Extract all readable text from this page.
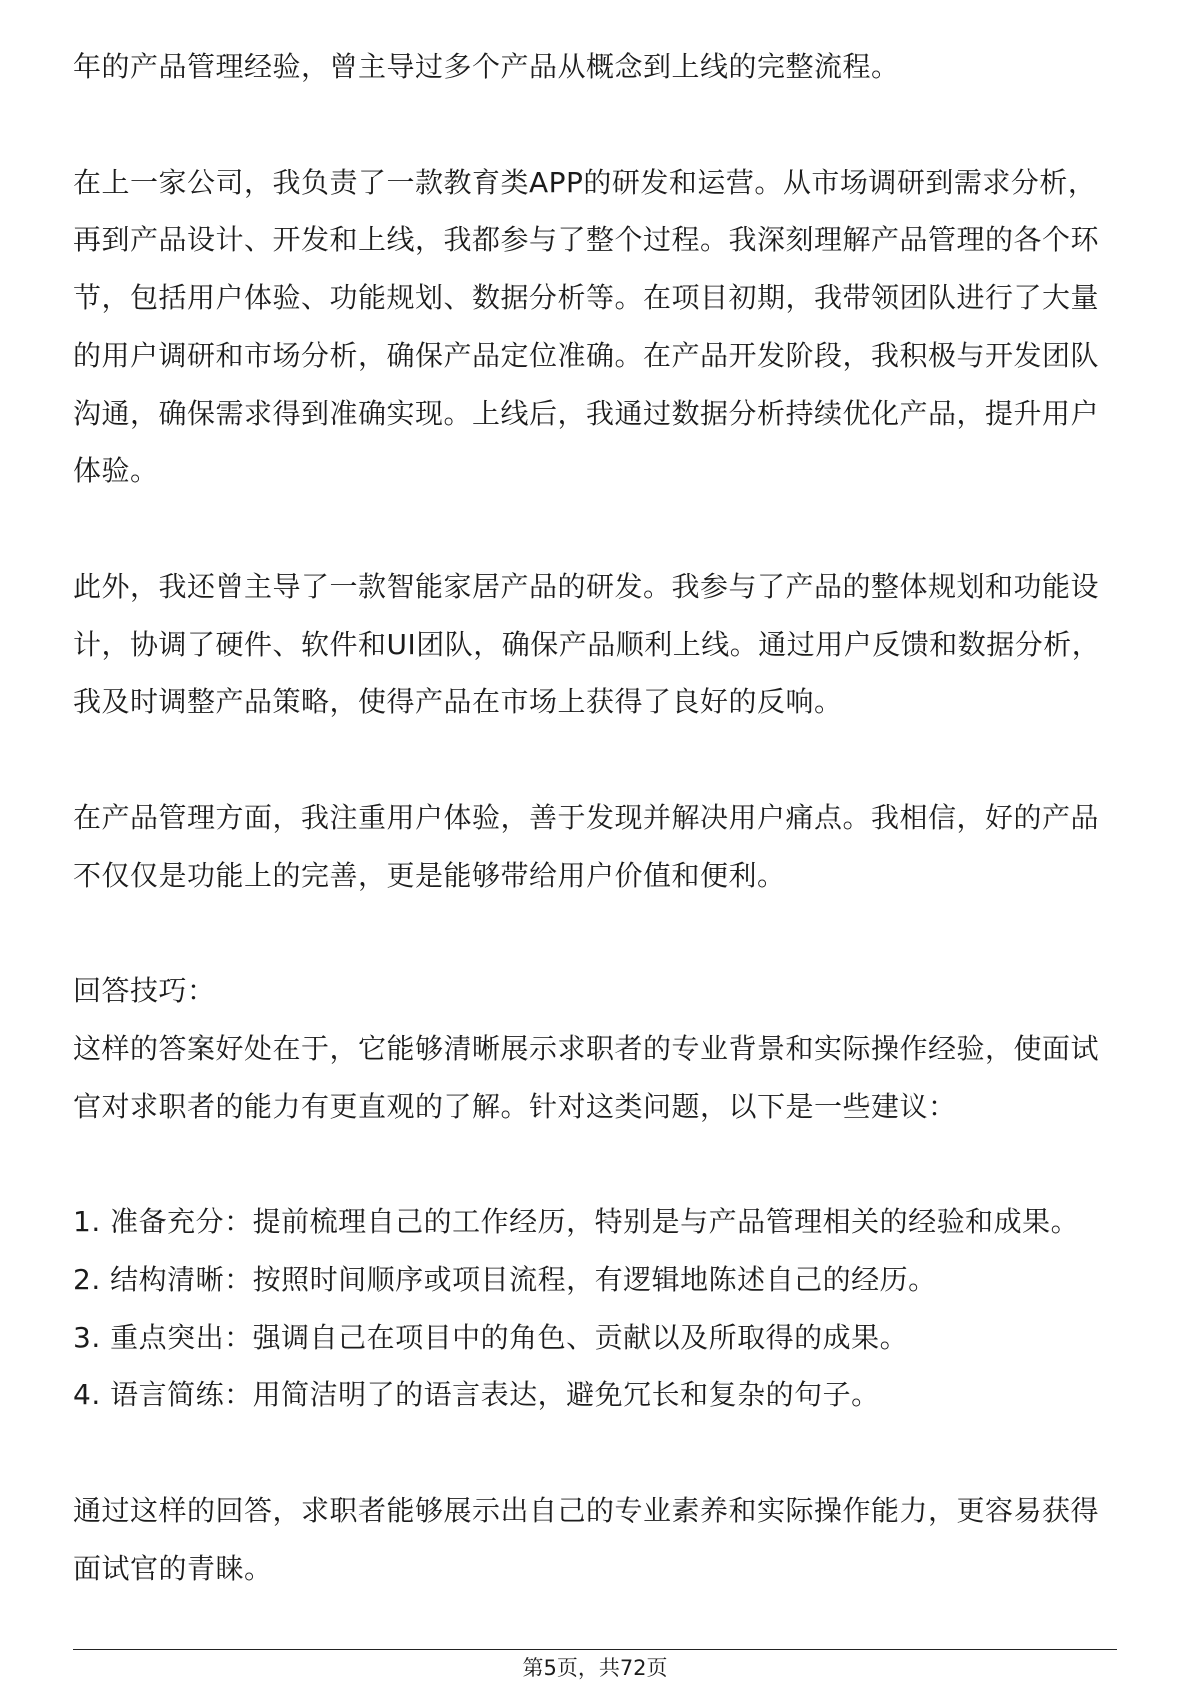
年的产品管理经验，曾主导过多个产品从概念到上线的完整流程。
在上一家公司，我负责了一款教育类APP的研发和运营。从市场调研到需求分析，
再到产品设计、开发和上线，我都参与了整个过程。我深刻理解产品管理的各个环
节，包括用户体验、功能规划、数据分析等。在项目初期，我带领团队进行了大量
的用户调研和市场分析，确保产品定位准确。在产品开发阶段，我积极与开发团队
沟通，确保需求得到准确实现。上线后，我通过数据分析持续优化产品，提升用户
体验。
此外，我还曾主导了一款智能家居产品的研发。我参与了产品的整体规划和功能设
计，协调了硬件、软件和UI团队，确保产品顺利上线。通过用户反馈和数据分析，
我及时调整产品策略，使得产品在市场上获得了良好的反响。
在产品管理方面，我注重用户体验，善于发现并解决用户痛点。我相信，好的产品
不仅仅是功能上的完善，更是能够带给用户价值和便利。
回答技巧：
这样的答案好处在于，它能够清晰展示求职者的专业背景和实际操作经验，使面试
官对求职者的能力有更直观的了解。针对这类问题，以下是一些建议：
1. 准备充分：提前梳理自己的工作经历，特别是与产品管理相关的经验和成果。
2. 结构清晰：按照时间顺序或项目流程，有逻辑地陈述自己的经历。
3. 重点突出：强调自己在项目中的角色、贡献以及所取得的成果。
4. 语言简练：用简洁明了的语言表达，避免冗长和复杂的句子。
通过这样的回答，求职者能够展示出自己的专业素养和实际操作能力，更容易获得
面试官的青睐。
第5页，共72页
